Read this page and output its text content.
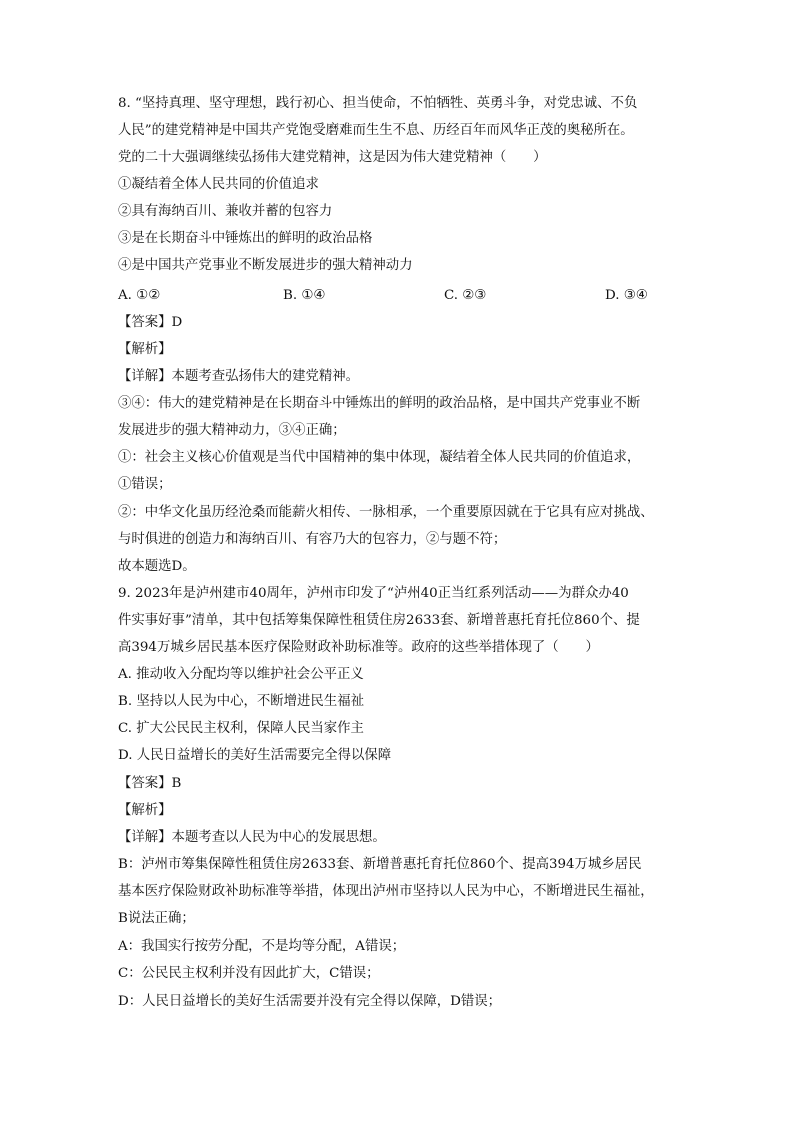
8. “坚持真理、坚守理想，践行初心、担当使命，不怕牺牲、英勇斗争，对党忠诚、不负
人民”的建党精神是中国共产党饱受磨难而生生不息、历经百年而风华正茂的奥秘所在。
党的二十大强调继续弘扬伟大建党精神，这是因为伟大建党精神（　　）
①凝结着全体人民共同的价值追求
②具有海纳百川、兼收并蓄的包容力
③是在长期奋斗中锤炼出的鲜明的政治品格
④是中国共产党事业不断发展进步的强大精神动力
A. ①②	B. ①④	C. ②③	D. ③④
【答案】D
【解析】
【详解】本题考查弘扬伟大的建党精神。
③④：伟大的建党精神是在长期奋斗中锤炼出的鲜明的政治品格，是中国共产党事业不断
发展进步的强大精神动力，③④正确；
①：社会主义核心价值观是当代中国精神的集中体现，凝结着全体人民共同的价值追求，
①错误；
②：中华文化虽历经沧桑而能薪火相传、一脉相承，一个重要原因就在于它具有应对挑战、
与时俱进的创造力和海纳百川、有容乃大的包容力，②与题不符；
故本题选D。
9. 2023年是泸州建市40周年，泸州市印发了“泸州40正当红系列活动——为群众办40
件实事好事”清单，其中包括筹集保障性租赁住房2633套、新增普惠托育托位860个、提
高394万城乡居民基本医疗保险财政补助标准等。政府的这些举措体现了（　　）
A. 推动收入分配均等以维护社会公平正义
B. 坚持以人民为中心，不断增进民生福祉
C. 扩大公民民主权利，保障人民当家作主
D. 人民日益增长的美好生活需要完全得以保障
【答案】B
【解析】
【详解】本题考查以人民为中心的发展思想。
B：泸州市筹集保障性租赁住房2633套、新增普惠托育托位860个、提高394万城乡居民
基本医疗保险财政补助标准等举措，体现出泸州市坚持以人民为中心，不断增进民生福祉，
B说法正确；
A：我国实行按劳分配，不是均等分配，A错误；
C：公民民主权利并没有因此扩大，C错误；
D：人民日益增长的美好生活需要并没有完全得以保障，D错误；
